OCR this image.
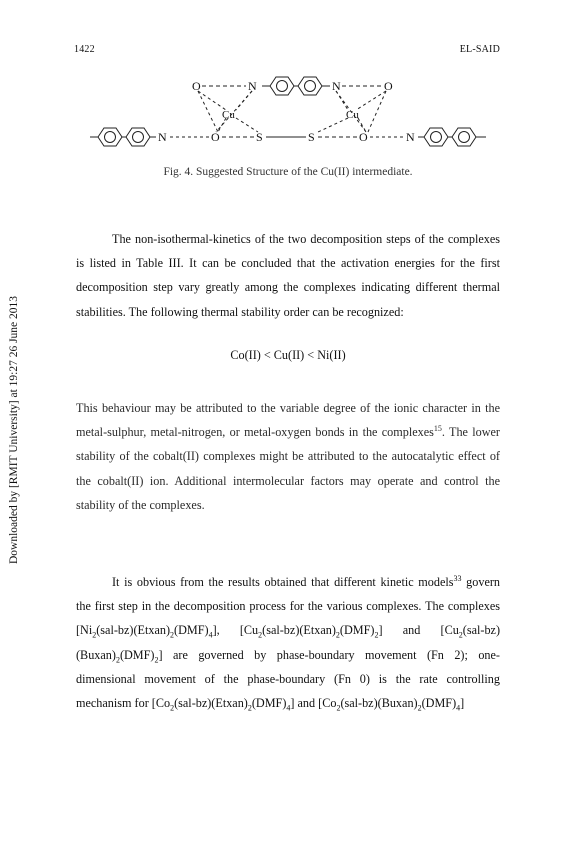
1422	EL-SAID
O	N	N	O
Cu	Cu
N	O	S	S	O	N
Fig. 4. Suggested Structure of the Cu(II) intermediate.
Downloaded by [RMIT University] at 19:27 26 June 2013

The non-isothermal-kinetics of the two decomposition steps of the complexes is listed in Table III. It can be concluded that the activation energies for the first decomposition step vary greatly among the complexes indicating different thermal stabilities. The following thermal stability order can be recognized:

Co(II) < Cu(II) < Ni(II)

This behaviour may be attributed to the variable degree of the ionic character in the metal-sulphur, metal-nitrogen, or metal-oxygen bonds in the complexes$^{15}$. The lower stability of the cobalt(II) complexes might be attributed to the autocatalytic effect of the cobalt(II) ion. Additional intermolecular factors may operate and control the stability of the complexes.

It is obvious from the results obtained that different kinetic models$^{33}$ govern the first step in the decomposition process for the various complexes. The complexes $[Ni_2(sal-bz)(Etxan)_2(DMF)_4]$, $[Cu_2(sal-bz)(Etxan)_2(DMF)_2]$ and $[Cu_2(sal-bz)(Buxan)_2(DMF)_2]$ are governed by phase-boundary movement (Fn 2); one-dimensional movement of the phase-boundary (Fn 0) is the rate controlling mechanism for $[Co_2(sal-bz)(Etxan)_2(DMF)_4]$ and $[Co_2(sal-bz)(Buxan)_2(DMF)_4]$
